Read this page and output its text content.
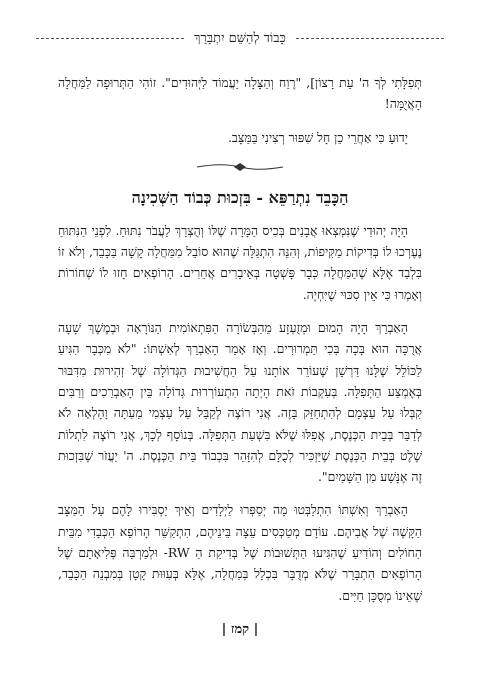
כָּבוֹד לְהַשֵּׁם יִתְבָּרַךְ

תְּפִלָּתִי לְךָ ה' עֵת רָצוֹן], "רֶוַח וְהַצָּלָה יַעֲמוֹד לַיְּהוּדִים". זוֹהִי הַתְּרוּפָה לַמַּחֲלָה הָאֲיֻמָּה!

יָדוּעַ כִּי אַחֲרֵי כֵן חָל שִׁפּוּר רְצִינִי בַּמַּצָּב.

הַכָּבֵד נִתְרַפֵּא - בִּזְכוּת כְּבוֹד הַשְּׁכִינָה

הָיָה יְהוּדִי שֶׁנִּמְצְאוּ אֲבָנִים בְּכִיס הַמָּרָה שֶׁלּוֹ וְהֻצְרַךְ לַעֲבֹר נִתּוּחַ. לִפְנֵי הַנִּתּוּחַ נֶעֶרְכוּ לוֹ בְּדִיקוֹת מַקִּיפוֹת, וְהִנֵּה הִתְגַּלָּה שֶׁהוּא סוֹבֵל מִמַּחֲלָה קָשָׁה בַּכָּבֵד, וְלֹא זוֹ בִּלְבַד אֶלָּא שֶׁהַמַּחֲלָה כְּבָר פָּשְׁטָה בְּאֵיבָרִים אֲחֵרִים. הָרוֹפְאִים חָזוּ לוֹ שְׁחוֹרוֹת וְאָמְרוּ כִּי אֵין סִכּוּי שֶׁיִּחְיֶה.

הָאַבְרֵךְ הָיָה הָמוּם וּמְזֻעְזָע מֵהַבְּשׂוֹרָה הַפִּתְאוֹמִית הַנּוֹרָאָה וּבְמֶשֶׁךְ שָׁעָה אֲרֻכָּה הוּא בָּכָה בְּכִי תַּמְרוּרִים. וְאָז אָמַר הָאַבְרֵךְ לְאִשְׁתּוֹ: "לֹא מִכְּבָר הִגִּיעַ לַכּוֹלֵל שֶׁלָּנוּ דַּרְשָׁן שֶׁעוֹרֵר אוֹתָנוּ עַל הַחֲשִׁיבוּת הַגְּדוֹלָה שֶׁל זְהִירוּת מִדִּבּוּר בְּאֶמְצַע הַתְּפִלָּה. בְּעִקְבוֹת זֹאת הָיְתָה הִתְעוֹרְרוּת גְּדוֹלָה בֵּין הָאַבְרֵכִים וְרַבִּים קִבְּלוּ עַל עַצְמָם לְהִתְחַזֵּק בָּזֶה. אֲנִי רוֹצֶה לְקַבֵּל עַל עַצְמִי מֵעַתָּה וָהָלְאָה לֹא לְדַבֵּר בְּבֵית הַכְּנֶסֶת, אֲפִלּוּ שֶׁלֹּא בִּשְׁעַת הַתְּפִלָּה. בְּנוֹסָף לְכָךְ, אֲנִי רוֹצֶה לִתְלוֹת שֶׁלֶט בְּבֵית הַכְּנֶסֶת שֶׁיַּזְכִּיר לְכֻלָּם לְהִזָּהֵר בִּכְבוֹד בֵּית הַכְּנֶסֶת. ה' יַעֲזֹר שֶׁבִּזְכוּת זֶה אֶנָּשַׁע מִן הַשָּׁמַיִם".

הָאַבְרֵךְ וְאִשְׁתּוֹ הִתְלַבְּטוּ מָה יְסַפְּרוּ לַיְלָדִים וְאֵיךְ יַסְבִּירוּ לָהֶם עַל הַמַּצָּב הַקָּשֶׁה שֶׁל אֲבִיהֶם. עוֹדָם מְטַכְּסִים עֵצָה בֵּינֵיהֶם, הִתְקַשֵּׁר הָרוֹפֵא הַכְּבָדִי מִבֵּית הַחוֹלִים וְהוֹדִיעַ שֶׁהִגִּיעוּ הַתְּשׁוּבוֹת שֶׁל בְּדִיקַת הַ RW- וּלְמַרְבֵּה פְּלִיאָתָם שֶׁל הָרוֹפְאִים הִתְבָּרֵר שֶׁלֹּא מְדֻבָּר בִּכְלָל בְּמַחֲלָה, אֶלָּא בְּעִוּוּת קָטָן בְּמִבְנֵה הַכָּבֵד, שֶׁאֵינוֹ מְסֻכָּן חַיִּים.

| קמז |
